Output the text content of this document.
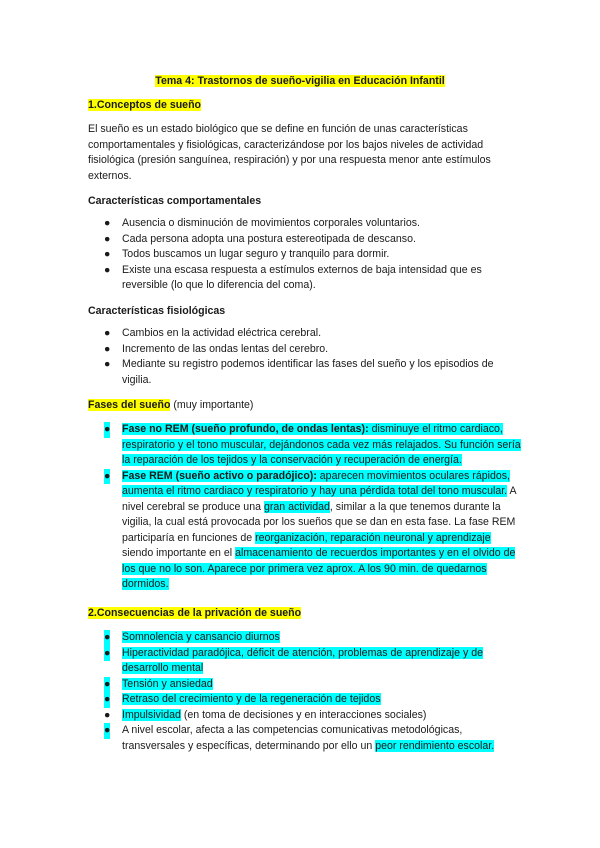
Tema 4: Trastornos de sueño-vigilia en Educación Infantil
1.Conceptos de sueño
El sueño es un estado biológico que se define en función de unas características comportamentales y fisiológicas, caracterizándose por los bajos niveles de actividad fisiológica (presión sanguínea, respiración) y por una respuesta menor ante estímulos externos.
Características comportamentales
● Ausencia o disminución de movimientos corporales voluntarios.
● Cada persona adopta una postura estereotipada de descanso.
● Todos buscamos un lugar seguro y tranquilo para dormir.
● Existe una escasa respuesta a estímulos externos de baja intensidad que es reversible (lo que lo diferencia del coma).
Características fisiológicas
● Cambios en la actividad eléctrica cerebral.
● Incremento de las ondas lentas del cerebro.
● Mediante su registro podemos identificar las fases del sueño y los episodios de vigilia.
Fases del sueño (muy importante)
● Fase no REM (sueño profundo, de ondas lentas): disminuye el ritmo cardiaco, respiratorio y el tono muscular, dejándonos cada vez más relajados. Su función sería la reparación de los tejidos y la conservación y recuperación de energía.
● Fase REM (sueño activo o paradójico): aparecen movimientos oculares rápidos, aumenta el ritmo cardiaco y respiratorio y hay una pérdida total del tono muscular. A nivel cerebral se produce una gran actividad, similar a la que tenemos durante la vigilia, la cual está provocada por los sueños que se dan en esta fase. La fase REM participaría en funciones de reorganización, reparación neuronal y aprendizaje siendo importante en el almacenamiento de recuerdos importantes y en el olvido de los que no lo son. Aparece por primera vez aprox. A los 90 min. de quedarnos dormidos.
2.Consecuencias de la privación de sueño
● Somnolencia y cansancio diurnos
● Hiperactividad paradójica, déficit de atención, problemas de aprendizaje y de desarrollo mental
● Tensión y ansiedad
● Retraso del crecimiento y de la regeneración de tejidos
● Impulsividad (en toma de decisiones y en interacciones sociales)
● A nivel escolar, afecta a las competencias comunicativas metodológicas, transversales y específicas, determinando por ello un peor rendimiento escolar.
